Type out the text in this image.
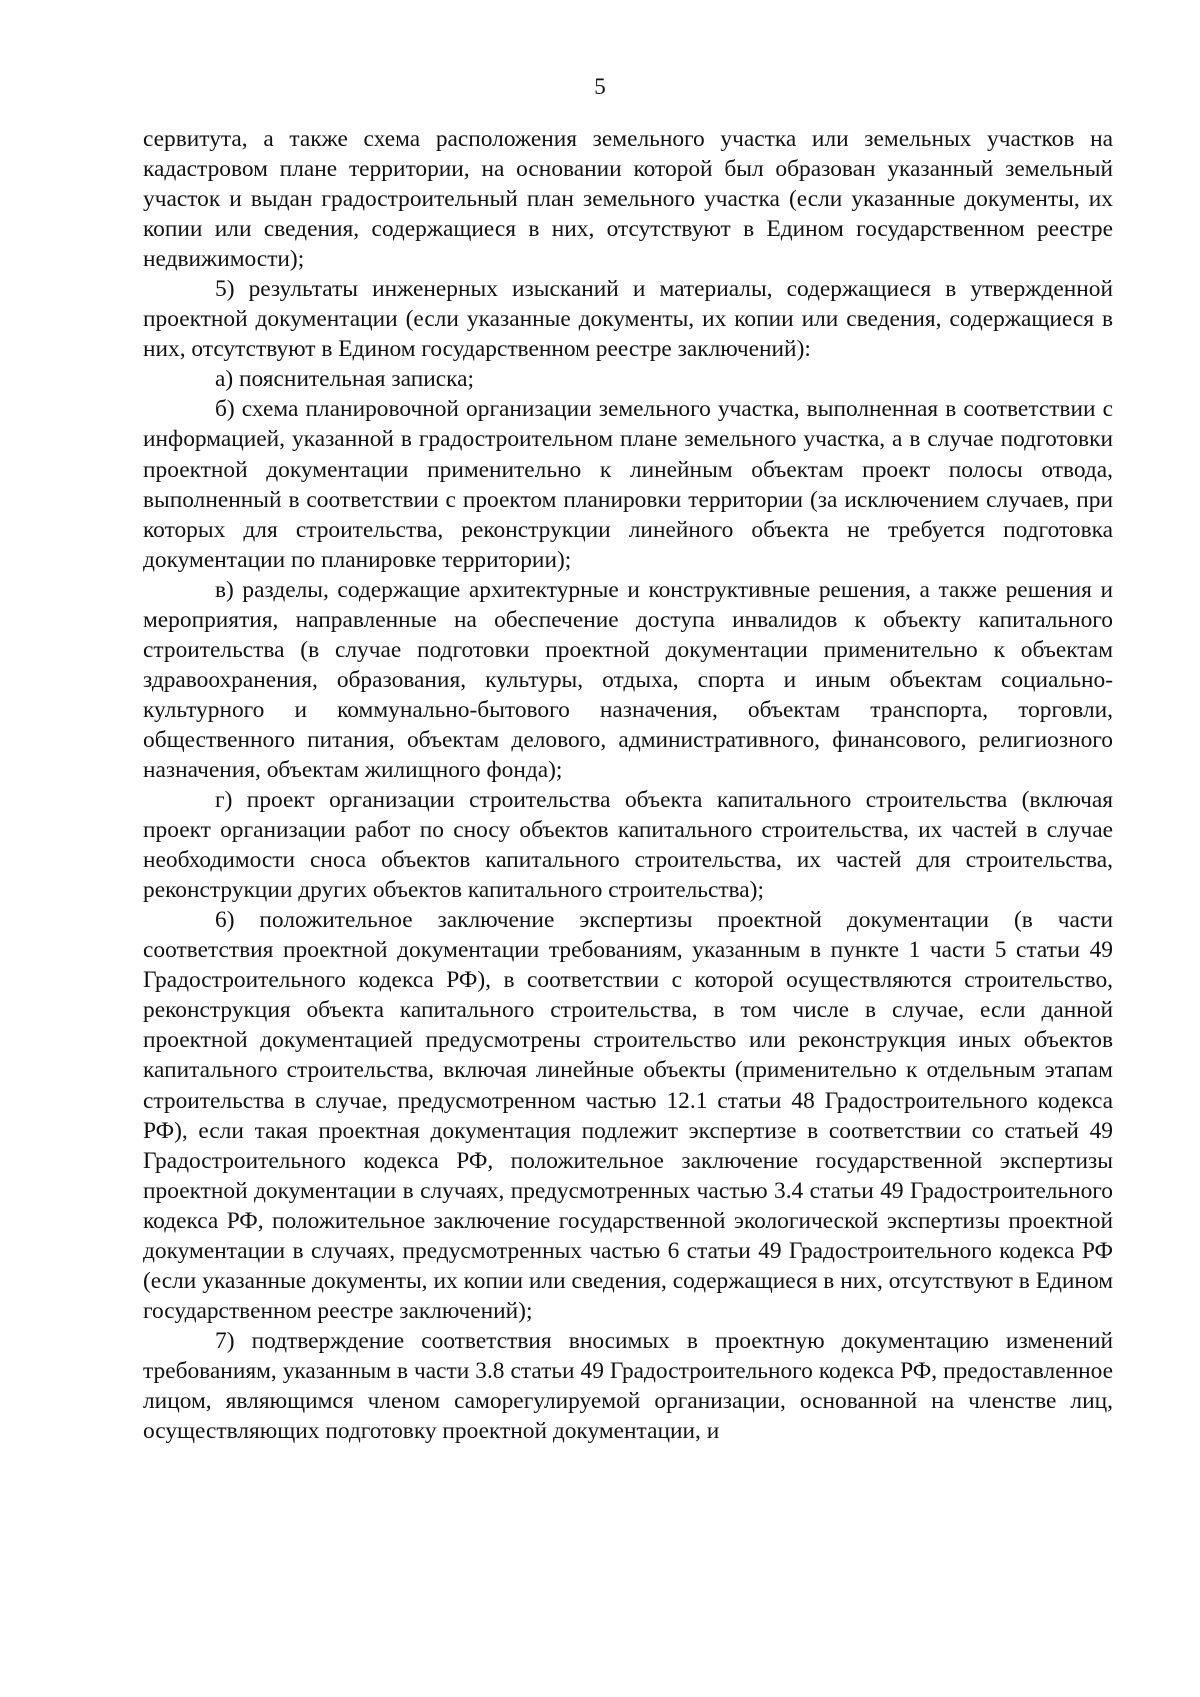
5

сервитута, а также схема расположения земельного участка или земельных участков на кадастровом плане территории, на основании которой был образован указанный земельный участок и выдан градостроительный план земельного участка (если указанные документы, их копии или сведения, содержащиеся в них, отсутствуют в Едином государственном реестре недвижимости);

5) результаты инженерных изысканий и материалы, содержащиеся в утвержденной проектной документации (если указанные документы, их копии или сведения, содержащиеся в них, отсутствуют в Едином государственном реестре заключений):

а) пояснительная записка;

б) схема планировочной организации земельного участка, выполненная в соответствии с информацией, указанной в градостроительном плане земельного участка, а в случае подготовки проектной документации применительно к линейным объектам проект полосы отвода, выполненный в соответствии с проектом планировки территории (за исключением случаев, при которых для строительства, реконструкции линейного объекта не требуется подготовка документации по планировке территории);

в) разделы, содержащие архитектурные и конструктивные решения, а также решения и мероприятия, направленные на обеспечение доступа инвалидов к объекту капитального строительства (в случае подготовки проектной документации применительно к объектам здравоохранения, образования, культуры, отдыха, спорта и иным объектам социально-культурного и коммунально-бытового назначения, объектам транспорта, торговли, общественного питания, объектам делового, административного, финансового, религиозного назначения, объектам жилищного фонда);

г) проект организации строительства объекта капитального строительства (включая проект организации работ по сносу объектов капитального строительства, их частей в случае необходимости сноса объектов капитального строительства, их частей для строительства, реконструкции других объектов капитального строительства);

6) положительное заключение экспертизы проектной документации (в части соответствия проектной документации требованиям, указанным в пункте 1 части 5 статьи 49 Градостроительного кодекса РФ), в соответствии с которой осуществляются строительство, реконструкция объекта капитального строительства, в том числе в случае, если данной проектной документацией предусмотрены строительство или реконструкция иных объектов капитального строительства, включая линейные объекты (применительно к отдельным этапам строительства в случае, предусмотренном частью 12.1 статьи 48 Градостроительного кодекса РФ), если такая проектная документация подлежит экспертизе в соответствии со статьей 49 Градостроительного кодекса РФ, положительное заключение государственной экспертизы проектной документации в случаях, предусмотренных частью 3.4 статьи 49 Градостроительного кодекса РФ, положительное заключение государственной экологической экспертизы проектной документации в случаях, предусмотренных частью 6 статьи 49 Градостроительного кодекса РФ (если указанные документы, их копии или сведения, содержащиеся в них, отсутствуют в Едином государственном реестре заключений);

7) подтверждение соответствия вносимых в проектную документацию изменений требованиям, указанным в части 3.8 статьи 49 Градостроительного кодекса РФ, предоставленное лицом, являющимся членом саморегулируемой организации, основанной на членстве лиц, осуществляющих подготовку проектной документации, и
